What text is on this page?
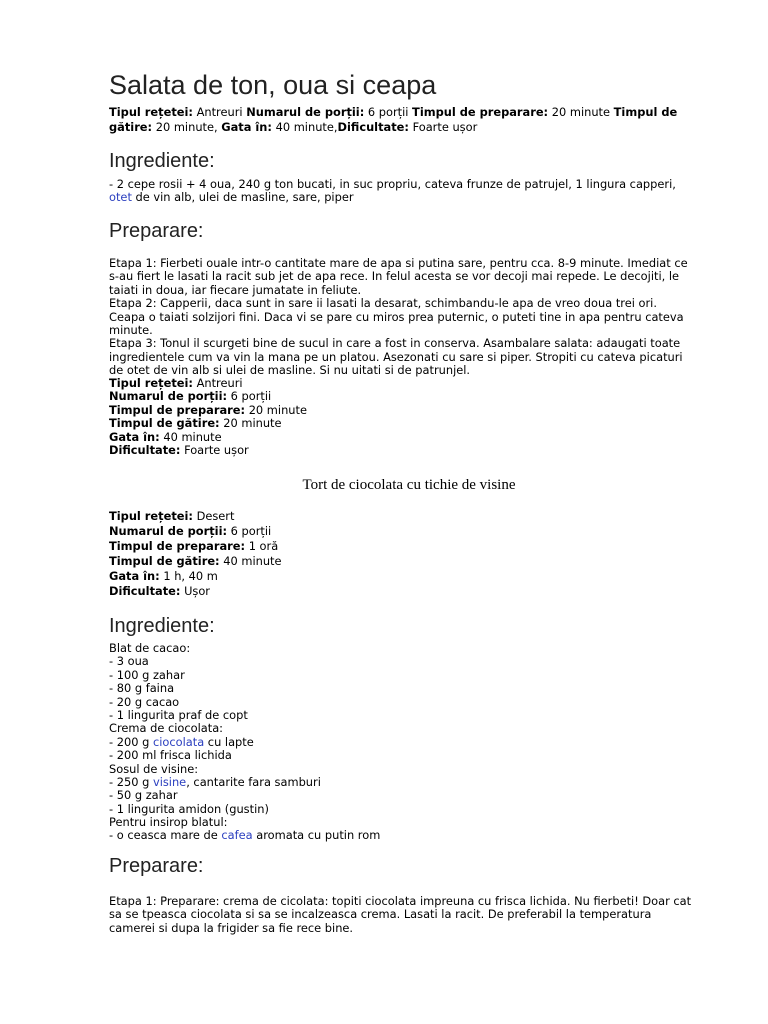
Salata de ton, oua si ceapa
Tipul rețetei: Antreuri Numarul de porții: 6 porții Timpul de preparare: 20 minute Timpul de
gătire: 20 minute, Gata în: 40 minute,Dificultate: Foarte ușor
Ingrediente:
- 2 cepe rosii + 4 oua, 240 g ton bucati, in suc propriu, cateva frunze de patrujel, 1 lingura capperi,
otet de vin alb, ulei de masline, sare, piper
Preparare:
Etapa 1: Fierbeti ouale intr-o cantitate mare de apa si putina sare, pentru cca. 8-9 minute. Imediat ce
s-au fiert le lasati la racit sub jet de apa rece. In felul acesta se vor decoji mai repede. Le decojiti, le
taiati in doua, iar fiecare jumatate in feliute.
Etapa 2: Capperii, daca sunt in sare ii lasati la desarat, schimbandu-le apa de vreo doua trei ori.
Ceapa o taiati solzijori fini. Daca vi se pare cu miros prea puternic, o puteti tine in apa pentru cateva
minute.
Etapa 3: Tonul il scurgeti bine de sucul in care a fost in conserva. Asambalare salata: adaugati toate
ingredientele cum va vin la mana pe un platou. Asezonati cu sare si piper. Stropiti cu cateva picaturi
de otet de vin alb si ulei de masline. Si nu uitati si de patrunjel.
Tipul rețetei: Antreuri
Numarul de porții: 6 porții
Timpul de preparare: 20 minute
Timpul de gătire: 20 minute
Gata în: 40 minute
Dificultate: Foarte ușor
Tort de ciocolata cu tichie de visine
Tipul rețetei: Desert
Numarul de porții: 6 porții
Timpul de preparare: 1 oră
Timpul de gătire: 40 minute
Gata în: 1 h, 40 m
Dificultate: Ușor
Ingrediente:
Blat de cacao:
- 3 oua
- 100 g zahar
- 80 g faina
- 20 g cacao
- 1 lingurita praf de copt
Crema de ciocolata:
- 200 g ciocolata cu lapte
- 200 ml frisca lichida
Sosul de visine:
- 250 g visine, cantarite fara samburi
- 50 g zahar
- 1 lingurita amidon (gustin)
Pentru insirop blatul:
- o ceasca mare de cafea aromata cu putin rom
Preparare:
Etapa 1: Preparare: crema de cicolata: topiti ciocolata impreuna cu frisca lichida. Nu fierbeti! Doar cat
sa se tpeasca ciocolata si sa se incalzeasca crema. Lasati la racit. De preferabil la temperatura
camerei si dupa la frigider sa fie rece bine.
